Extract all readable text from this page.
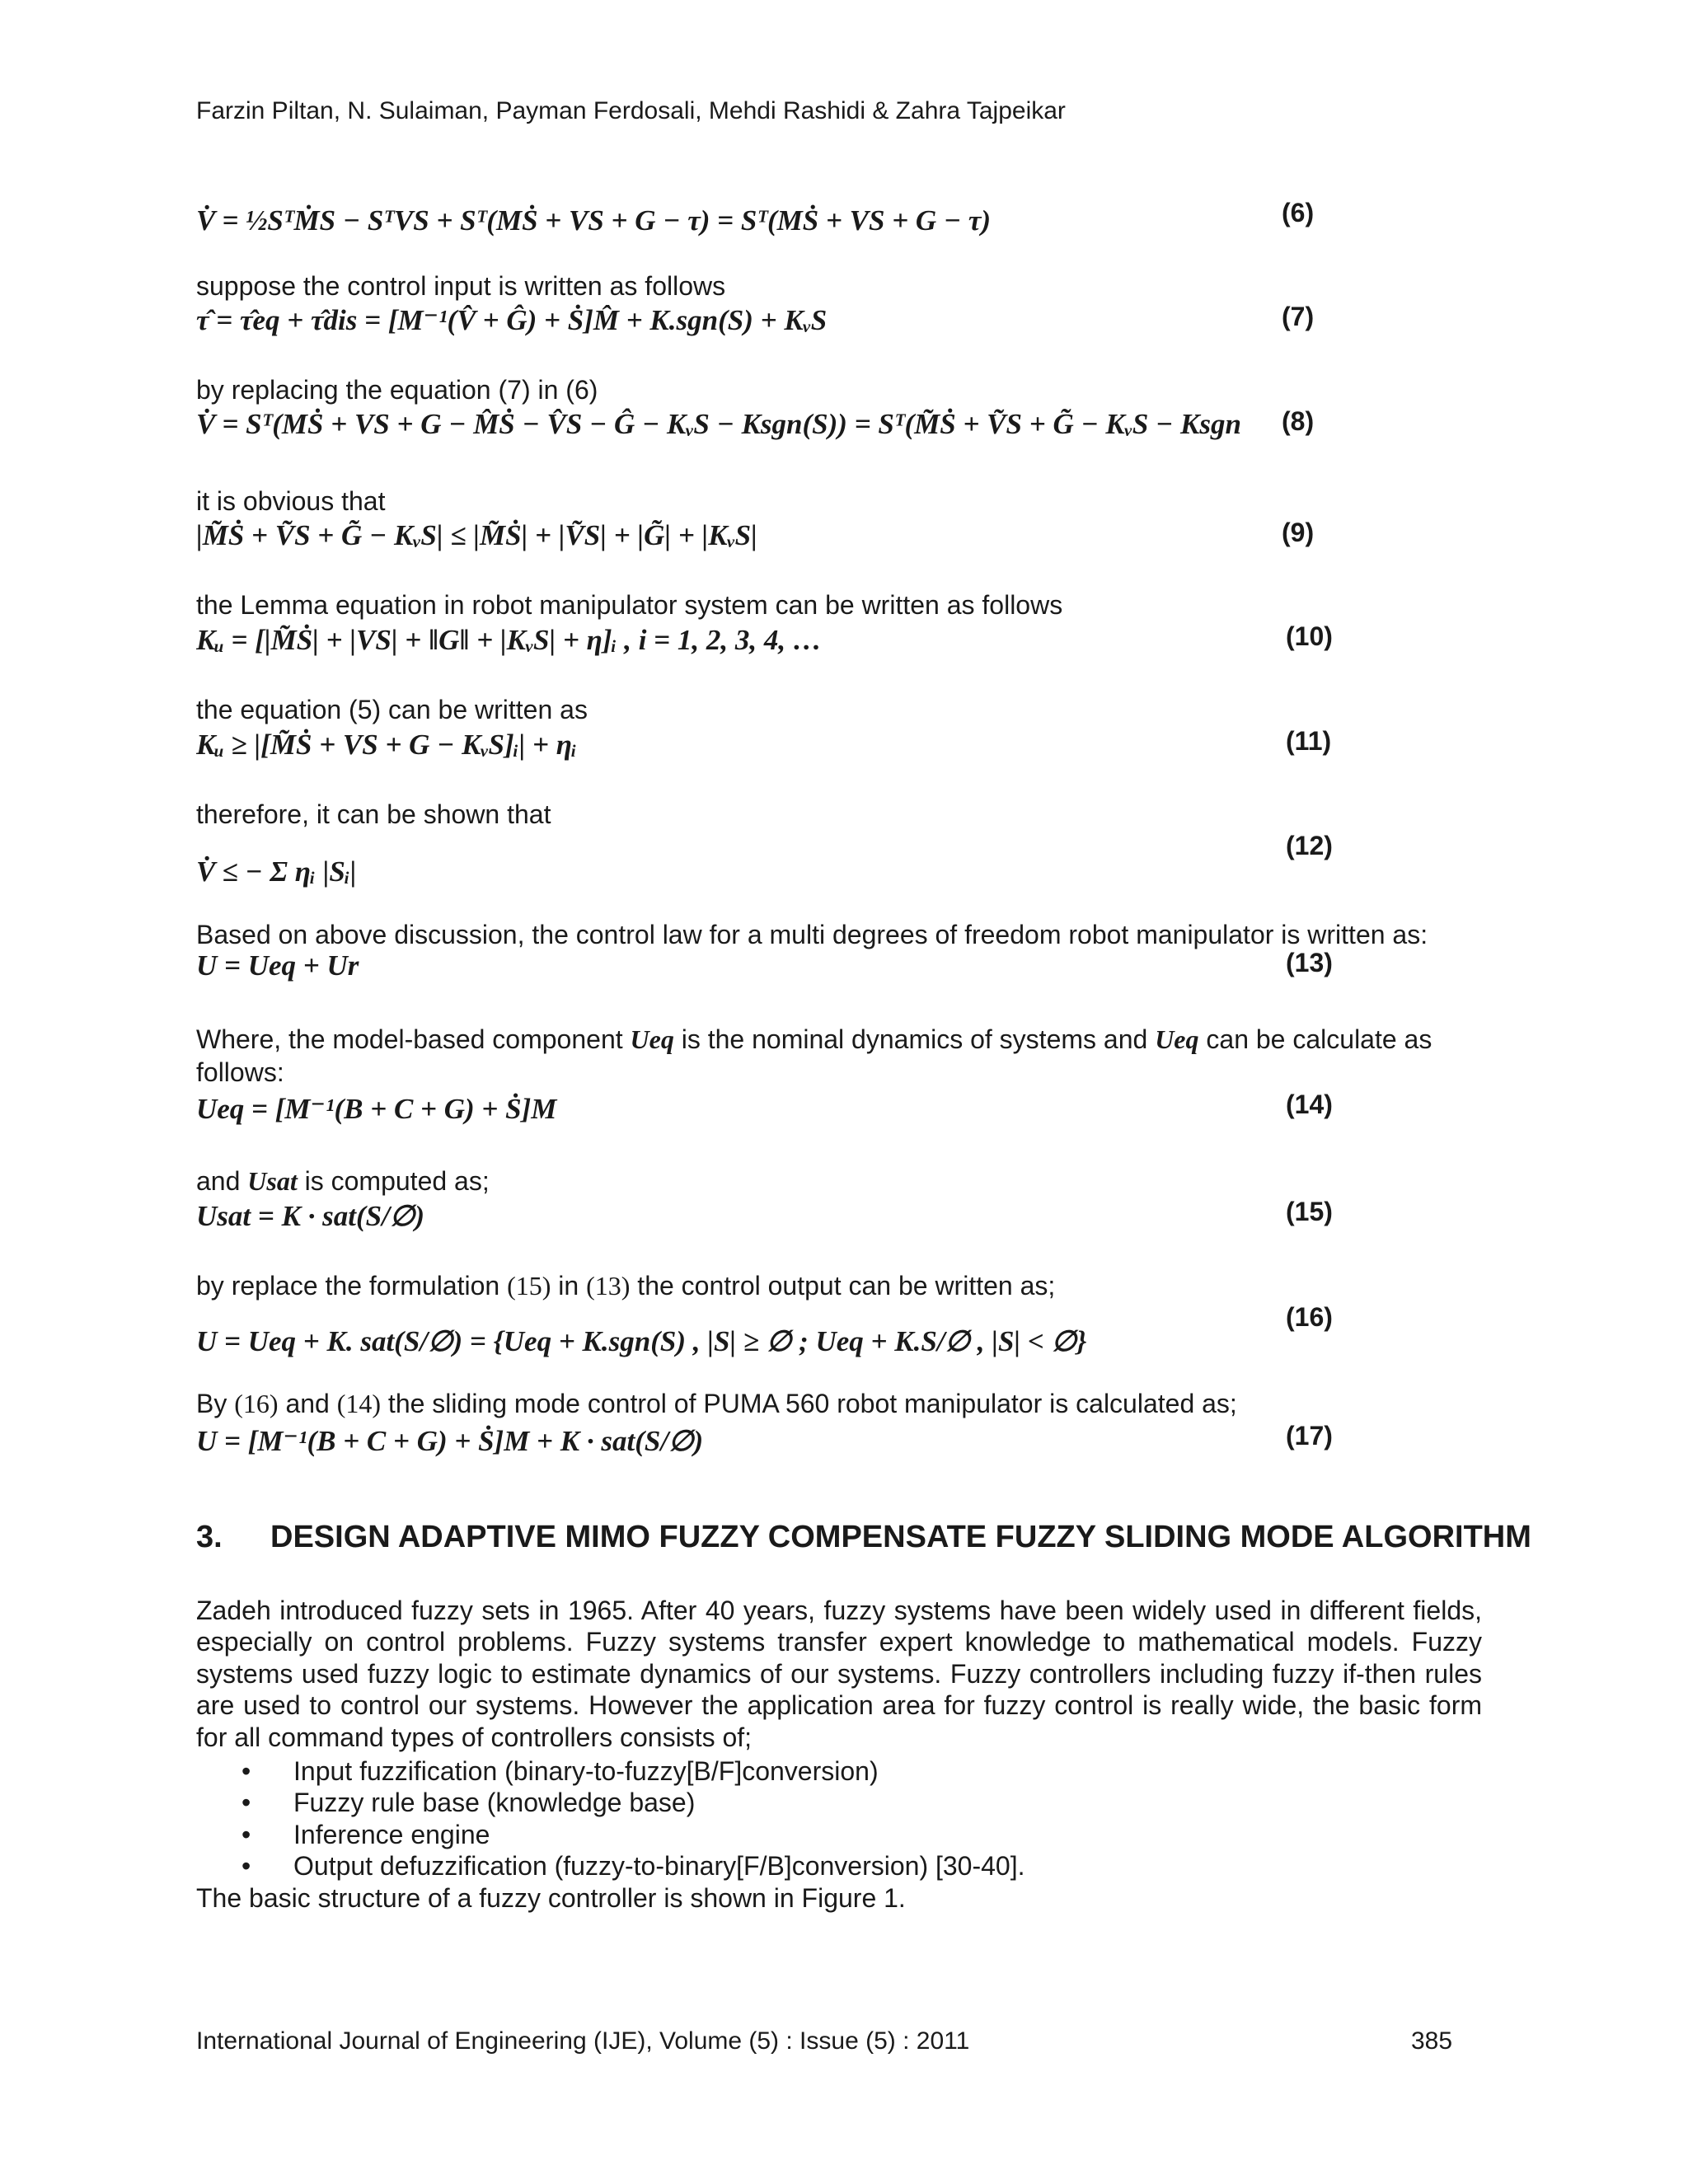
Farzin Piltan, N. Sulaiman, Payman Ferdosali, Mehdi Rashidi & Zahra Tajpeikar
V̇ = ½SᵀṀS − SᵀVS + Sᵀ(MṠ + VS + G − τ) = Sᵀ(MṠ + VS + G − τ)	(6)
suppose the control input is written as follows
τ̂ = τ̂eq + τ̂dis = [M⁻¹(V̂ + Ĝ) + Ṡ]M̂ + K.sgn(S) + KᵥS	(7)
by replacing the equation (7) in (6)
V̇ = Sᵀ(MṠ + VS + G − M̂Ṡ − V̂S − Ĝ − KᵥS − Ksgn(S)) = Sᵀ(M̃Ṡ + ṼS + G̃ − KᵥS − Ksgn	(8)
it is obvious that
|M̃Ṡ + ṼS + G̃ − KᵥS| ≤ |M̃Ṡ| + |ṼS| + |G̃| + |KᵥS|	(9)
the Lemma equation in robot manipulator system can be written as follows
Kᵤ = [|M̃Ṡ| + |VS| + ‖G‖ + |KᵥS| + η]ᵢ , i = 1, 2, 3, 4, …	(10)
the equation (5) can be written as
Kᵤ ≥ |[M̃Ṡ + VS + G − KᵥS]ᵢ| + ηᵢ	(11)
therefore, it can be shown that
V̇ ≤ − Σ ηᵢ |Sᵢ|
(12)
Based on above discussion, the control law for a multi degrees of freedom robot manipulator is written as:
U = Ueq + Ur	(13)
Where, the model-based component Ueq is the nominal dynamics of systems and Ueq can be calculate as
follows:
Ueq = [M⁻¹(B + C + G) + Ṡ]M	(14)
and Usat is computed as;
Usat = K · sat(S/∅)	(15)
by replace the formulation (15) in (13) the control output can be written as;
U = Ueq + K. sat(S/∅) = {Ueq + K.sgn(S) , |S| ≥ ∅ ; Ueq + K.S/∅ , |S| < ∅}
(16)
By (16) and (14) the sliding mode control of PUMA 560 robot manipulator is calculated as;
U = [M⁻¹(B + C + G) + Ṡ]M + K · sat(S/∅)	(17)
3. DESIGN ADAPTIVE MIMO FUZZY COMPENSATE FUZZY SLIDING MODE ALGORITHM
Zadeh introduced fuzzy sets in 1965. After 40 years, fuzzy systems have been widely used in different fields, especially on control problems. Fuzzy systems transfer expert knowledge to mathematical models. Fuzzy systems used fuzzy logic to estimate dynamics of our systems. Fuzzy controllers including fuzzy if-then rules are used to control our systems. However the application area for fuzzy control is really wide, the basic form for all command types of controllers consists of;
• Input fuzzification (binary-to-fuzzy[B/F]conversion)
• Fuzzy rule base (knowledge base)
• Inference engine
• Output defuzzification (fuzzy-to-binary[F/B]conversion) [30-40].
The basic structure of a fuzzy controller is shown in Figure 1.
International Journal of Engineering (IJE), Volume (5) : Issue (5) : 2011	385
